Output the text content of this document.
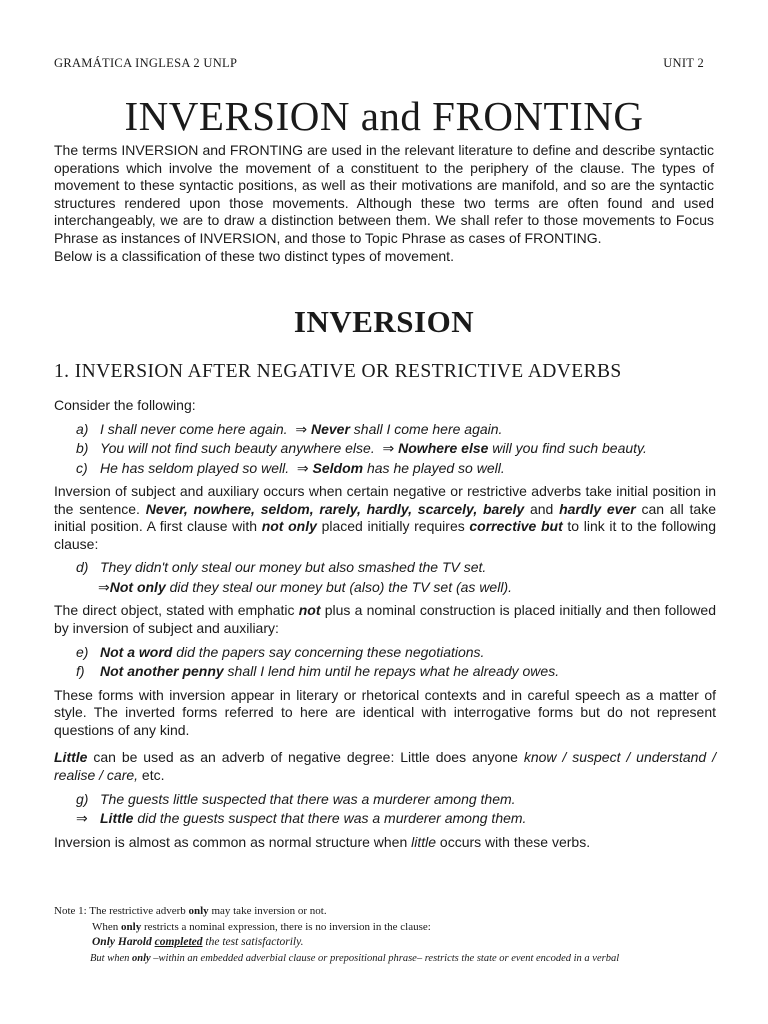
GRAMÁTICA INGLESA 2 UNLP	UNIT 2
INVERSION and FRONTING

The terms INVERSION and FRONTING are used in the relevant literature to define and describe syntactic operations which involve the movement of a constituent to the periphery of the clause. The types of movement to these syntactic positions, as well as their motivations are manifold, and so are the syntactic structures rendered upon those movements. Although these two terms are often found and used interchangeably, we are to draw a distinction between them. We shall refer to those movements to Focus Phrase as instances of INVERSION, and those to Topic Phrase as cases of FRONTING.

Below is a classification of these two distinct types of movement.

INVERSION
1. INVERSION AFTER NEGATIVE OR RESTRICTIVE ADVERBS

Consider the following:

a) I shall never come here again. ⇒ Never shall I come here again.
b) You will not find such beauty anywhere else. ⇒ Nowhere else will you find such beauty.
c) He has seldom played so well. ⇒ Seldom has he played so well.

Inversion of subject and auxiliary occurs when certain negative or restrictive adverbs take initial position in the sentence. Never, nowhere, seldom, rarely, hardly, scarcely, barely and hardly ever can all take initial position. A first clause with not only placed initially requires corrective but to link it to the following clause:

d) They didn't only steal our money but also smashed the TV set.
⇒Not only did they steal our money but (also) the TV set (as well).

The direct object, stated with emphatic not plus a nominal construction is placed initially and then followed by inversion of subject and auxiliary:

e) Not a word did the papers say concerning these negotiations.
f)	Not another penny shall I lend him until he repays what he already owes.

These forms with inversion appear in literary or rhetorical contexts and in careful speech as a matter of style. The inverted forms referred to here are identical with interrogative forms but do not represent questions of any kind.

Little can be used as an adverb of negative degree: Little does anyone know / suspect / understand / realise / care, etc.

g) The guests little suspected that there was a murderer among them.
⇒ Little did the guests suspect that there was a murderer among them.

Inversion is almost as common as normal structure when little occurs with these verbs.

Note 1: The restrictive adverb only may take inversion or not.
When only restricts a nominal expression, there is no inversion in the clause:
Only Harold completed the test satisfactorily.
But when only –within an embedded adverbial clause or prepositional phrase– restricts the state or event encoded in a verbal
